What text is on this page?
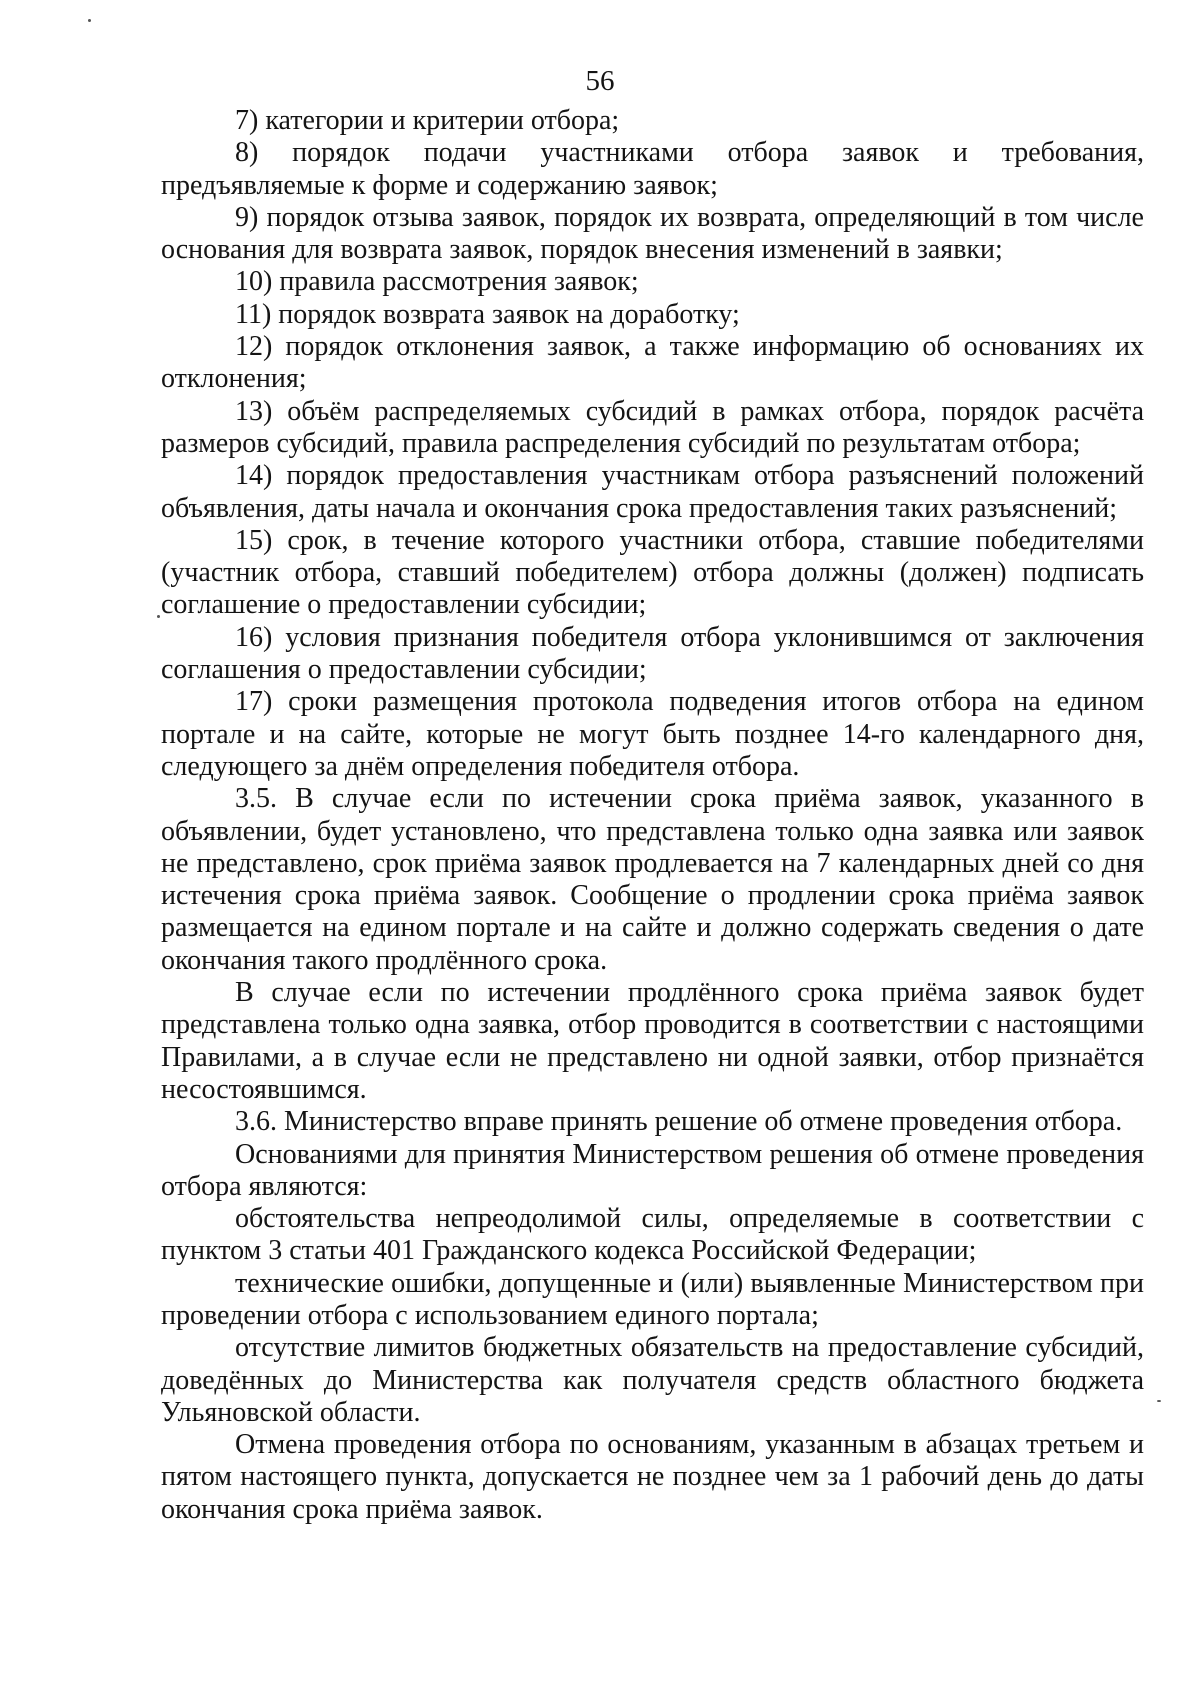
56

7) категории и критерии отбора;

8) порядок подачи участниками отбора заявок и требования, предъявляемые к форме и содержанию заявок;

9) порядок отзыва заявок, порядок их возврата, определяющий в том числе основания для возврата заявок, порядок внесения изменений в заявки;

10) правила рассмотрения заявок;

11) порядок возврата заявок на доработку;

12) порядок отклонения заявок, а также информацию об основаниях их отклонения;

13) объём распределяемых субсидий в рамках отбора, порядок расчёта размеров субсидий, правила распределения субсидий по результатам отбора;

14) порядок предоставления участникам отбора разъяснений положений объявления, даты начала и окончания срока предоставления таких разъяснений;

15) срок, в течение которого участники отбора, ставшие победителями (участник отбора, ставший победителем) отбора должны (должен) подписать соглашение о предоставлении субсидии;

16) условия признания победителя отбора уклонившимся от заключения соглашения о предоставлении субсидии;

17) сроки размещения протокола подведения итогов отбора на едином портале и на сайте, которые не могут быть позднее 14-го календарного дня, следующего за днём определения победителя отбора.

3.5. В случае если по истечении срока приёма заявок, указанного в объявлении, будет установлено, что представлена только одна заявка или заявок не представлено, срок приёма заявок продлевается на 7 календарных дней со дня истечения срока приёма заявок. Сообщение о продлении срока приёма заявок размещается на едином портале и на сайте и должно содержать сведения о дате окончания такого продлённого срока.

В случае если по истечении продлённого срока приёма заявок будет представлена только одна заявка, отбор проводится в соответствии с настоящими Правилами, а в случае если не представлено ни одной заявки, отбор признаётся несостоявшимся.

3.6. Министерство вправе принять решение об отмене проведения отбора.

Основаниями для принятия Министерством решения об отмене проведения отбора являются:

обстоятельства непреодолимой силы, определяемые в соответствии с пунктом 3 статьи 401 Гражданского кодекса Российской Федерации;

технические ошибки, допущенные и (или) выявленные Министерством при проведении отбора с использованием единого портала;

отсутствие лимитов бюджетных обязательств на предоставление субсидий, доведённых до Министерства как получателя средств областного бюджета Ульяновской области.

Отмена проведения отбора по основаниям, указанным в абзацах третьем и пятом настоящего пункта, допускается не позднее чем за 1 рабочий день до даты окончания срока приёма заявок.
